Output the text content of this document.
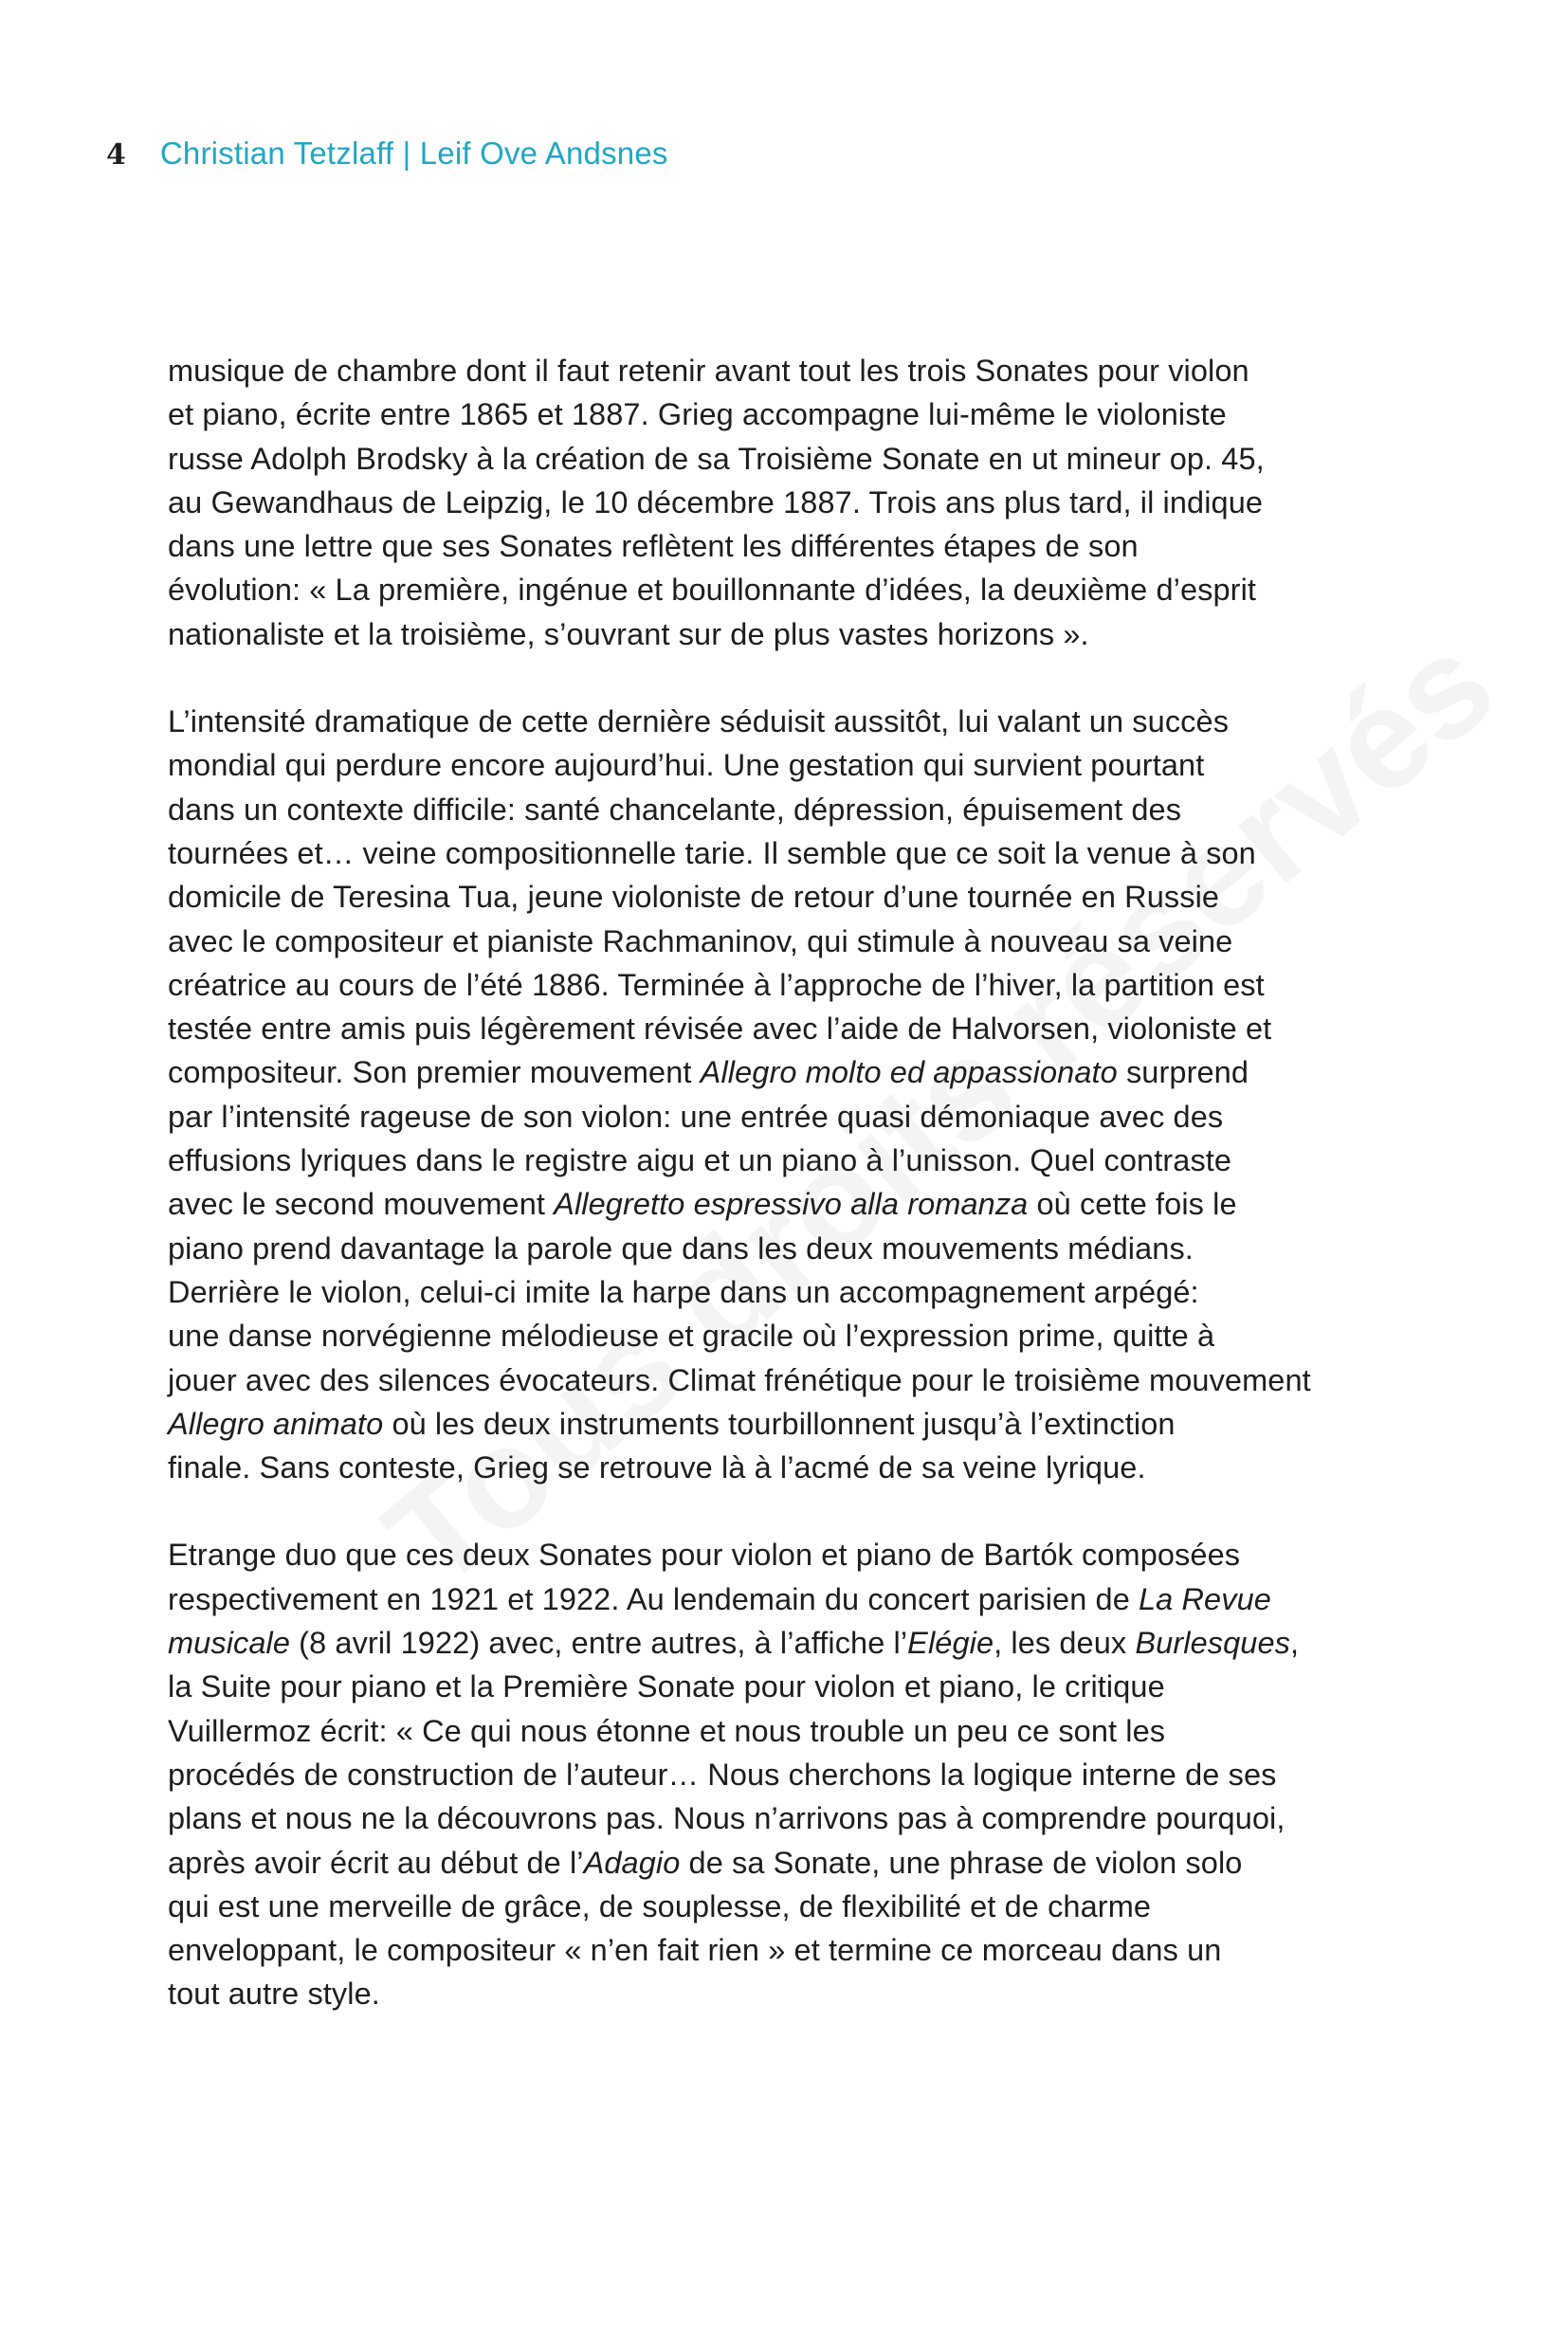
4 Christian Tetzlaff | Leif Ove Andsnes

musique de chambre dont il faut retenir avant tout les trois Sonates pour violon
et piano, écrite entre 1865 et 1887. Grieg accompagne lui-même le violoniste
russe Adolph Brodsky à la création de sa Troisième Sonate en ut mineur op. 45,
au Gewandhaus de Leipzig, le 10 décembre 1887. Trois ans plus tard, il indique
dans une lettre que ses Sonates reflètent les différentes étapes de son
évolution: « La première, ingénue et bouillonnante d’idées, la deuxième d’esprit
nationaliste et la troisième, s’ouvrant sur de plus vastes horizons ».

L’intensité dramatique de cette dernière séduisit aussitôt, lui valant un succès
mondial qui perdure encore aujourd’hui. Une gestation qui survient pourtant
dans un contexte difficile: santé chancelante, dépression, épuisement des
tournées et… veine compositionnelle tarie. Il semble que ce soit la venue à son
domicile de Teresina Tua, jeune violoniste de retour d’une tournée en Russie
avec le compositeur et pianiste Rachmaninov, qui stimule à nouveau sa veine
créatrice au cours de l’été 1886. Terminée à l’approche de l’hiver, la partition est
testée entre amis puis légèrement révisée avec l’aide de Halvorsen, violoniste et
compositeur. Son premier mouvement Allegro molto ed appassionato surprend
par l’intensité rageuse de son violon: une entrée quasi démoniaque avec des
effusions lyriques dans le registre aigu et un piano à l’unisson. Quel contraste
avec le second mouvement Allegretto espressivo alla romanza où cette fois le
piano prend davantage la parole que dans les deux mouvements médians.
Derrière le violon, celui-ci imite la harpe dans un accompagnement arpégé:
une danse norvégienne mélodieuse et gracile où l’expression prime, quitte à
jouer avec des silences évocateurs. Climat frénétique pour le troisième mouvement
Allegro animato où les deux instruments tourbillonnent jusqu’à l’extinction
finale. Sans conteste, Grieg se retrouve là à l’acmé de sa veine lyrique.

Etrange duo que ces deux Sonates pour violon et piano de Bartók composées
respectivement en 1921 et 1922. Au lendemain du concert parisien de La Revue
musicale (8 avril 1922) avec, entre autres, à l’affiche l’Elégie, les deux Burlesques,
la Suite pour piano et la Première Sonate pour violon et piano, le critique
Vuillermoz écrit: « Ce qui nous étonne et nous trouble un peu ce sont les
procédés de construction de l’auteur… Nous cherchons la logique interne de ses
plans et nous ne la découvrons pas. Nous n’arrivons pas à comprendre pourquoi,
après avoir écrit au début de l’Adagio de sa Sonate, une phrase de violon solo
qui est une merveille de grâce, de souplesse, de flexibilité et de charme
enveloppant, le compositeur « n’en fait rien » et termine ce morceau dans un
tout autre style.
